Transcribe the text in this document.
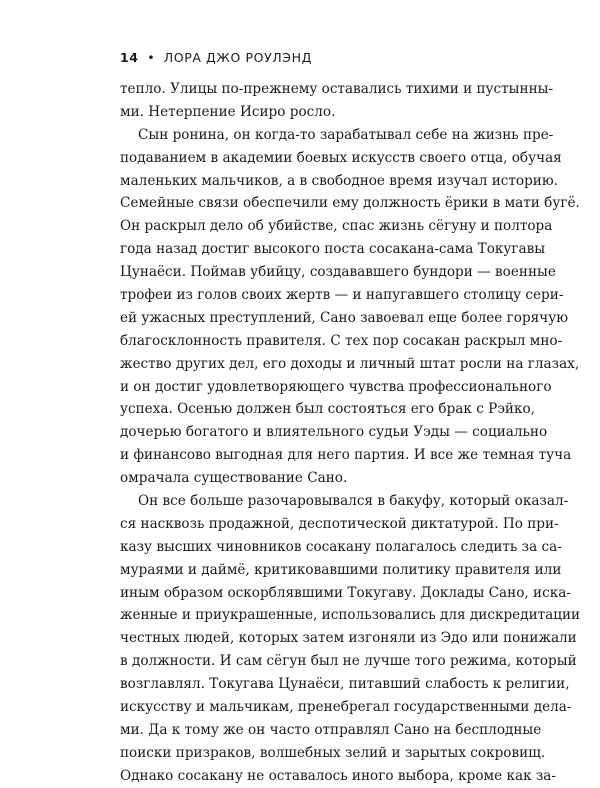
14 • ЛОРА ДЖО РОУЛЭНД
тепло. Улицы по-прежнему оставались тихими и пустынны-
ми. Нетерпение Исиро росло.
Сын ронина, он когда-то зарабатывал себе на жизнь пре-
подаванием в академии боевых искусств своего отца, обучая
маленьких мальчиков, а в свободное время изучал историю.
Семейные связи обеспечили ему должность ёрики в мати бугё.
Он раскрыл дело об убийстве, спас жизнь сёгуну и полтора
года назад достиг высокого поста сосакана-сама Токугавы
Цунаёси. Поймав убийцу, создававшего бундори — военные
трофеи из голов своих жертв — и напугавшего столицу сери-
ей ужасных преступлений, Сано завоевал еще более горячую
благосклонность правителя. С тех пор сосакан раскрыл мно-
жество других дел, его доходы и личный штат росли на глазах,
и он достиг удовлетворяющего чувства профессионального
успеха. Осенью должен был состояться его брак с Рэйко,
дочерью богатого и влиятельного судьи Уэды — социально
и финансово выгодная для него партия. И все же темная туча
омрачала существование Сано.
Он все больше разочаровывался в бакуфу, который оказал-
ся насквозь продажной, деспотической диктатурой. По при-
казу высших чиновников сосакану полагалось следить за са-
мураями и даймё, критиковавшими политику правителя или
иным образом оскорблявшими Токугаву. Доклады Сано, искa-
женные и приукрашенные, использовались для дискредитации
честных людей, которых затем изгоняли из Эдо или понижали
в должности. И сам сёгун был не лучше того режима, который
возглавлял. Токугава Цунаёси, питавший слабость к религии,
искусству и мальчикам, пренебрегал государственными дела-
ми. Да к тому же он часто отправлял Сано на бесплодные
поиски призраков, волшебных зелий и зарытых сокровищ.
Однако сосакану не оставалось иного выбора, кроме как за-
